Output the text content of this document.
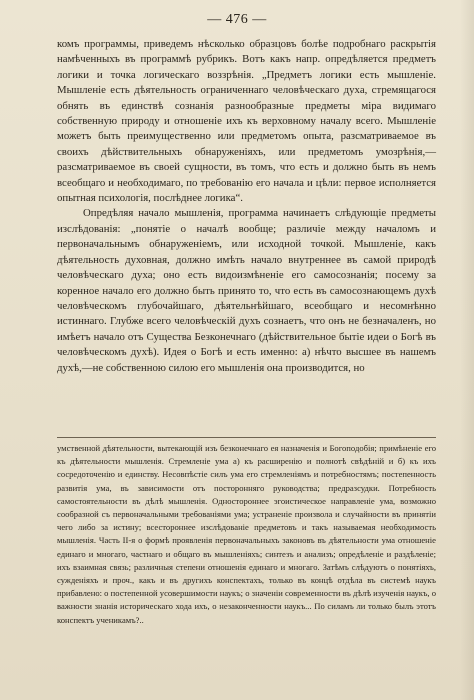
— 476 —

комъ программы, приведемъ нѣсколько образцовъ болѣе подробнаго раскрытія намѣченныхъ въ программѣ рубрикъ. Вотъ какъ напр. опредѣляется предметъ логики и точка логическаго воззрѣнія. „Предметъ логики есть мышленіе. Мышленіе есть дѣятельность ограниченнаго человѣческаго духа, стремящагося обнять въ единствѣ сознанія разнообразные предметы міра видимаго собственную природу и отношеніе ихъ къ верховному началу всего. Мышленіе можетъ быть преимущественно или предметомъ опыта, разсматриваемое въ своихъ дѣйствительныхъ обнаруженіяхъ, или предметомъ умозрѣнія,—разсматриваемое въ своей сущности, въ томъ, что есть и должно быть въ немъ всеобщаго и необходимаго, по требованію его начала и цѣли: первое исполняется опытная психологія, послѣднее логика“.

Опредѣляя начало мышленія, программа начинаетъ слѣдующіе предметы изслѣдованія: „понятіе о началѣ вообще; различіе между началомъ и первоначальнымъ обнаруженіемъ, или исходной точкой. Мышленіе, какъ дѣятельность духовная, должно имѣть начало внутреннее въ самой природѣ человѣческаго духа; оно есть видоизмѣненіе его самосознанія; посему за коренное начало его должно быть принято то, что есть въ самосознающемъ духѣ человѣческомъ глубочайшаго, дѣятельнѣйшаго, всеобщаго и несомнѣнно истиннаго. Глубже всего человѣческій духъ сознаетъ, что онъ не безначаленъ, но имѣетъ начало отъ Существа Безконечнаго (дѣйствительное бытіе идеи о Богѣ въ человѣческомъ духѣ). Идея о Богѣ и есть именно: а) нѣчто высшее въ нашемъ духѣ,—не собственною силою его мышленія она производится, но

умственной дѣятельности, вытекающій изъ безконечнаго ея назначенія и Богоподобія; примѣненіе его къ дѣятельности мышленія. Стремленіе ума а) къ расширенію и полнотѣ свѣдѣній и б) къ ихъ сосредоточенію и единству. Несовпѣстіе силъ ума его стремленіямъ и потребностямъ; постепенность развитія ума, въ зависимости отъ посторонняго руководства; предразсудки. Потребность самостоятельности въ дѣлѣ мышленія. Одностороннее эгоистическое направленіе ума, возможно сообразной съ первоначальными требованіями ума; устраненіе произвола и случайности въ принятіи чего либо за истину; всестороннее изслѣдованіе предметовъ и такъ называемая необходимость мышленія. Часть II-я о формѣ проявленія первоначальныхъ законовъ въ дѣятельности ума отношеніе единаго и многаго, частнаго и общаго въ мышленіяхъ; синтезъ и анализъ; опредѣленіе и раздѣленіе; ихъ взаимная связь; различныя степени отношенія единаго и многаго. Затѣмъ слѣдуютъ о понятіяхъ, сужденіяхъ и проч., какъ и въ другихъ конспектахъ, только въ концѣ отдѣла въ системѣ наукъ прибавлено: о постепенной усовершимости наукъ; о значеніи современности въ дѣлѣ изученія наукъ, о важности знанія историческаго хода ихъ, о незаконченности наукъ... По силамъ ли только былъ этотъ конспектъ ученикамъ?..
